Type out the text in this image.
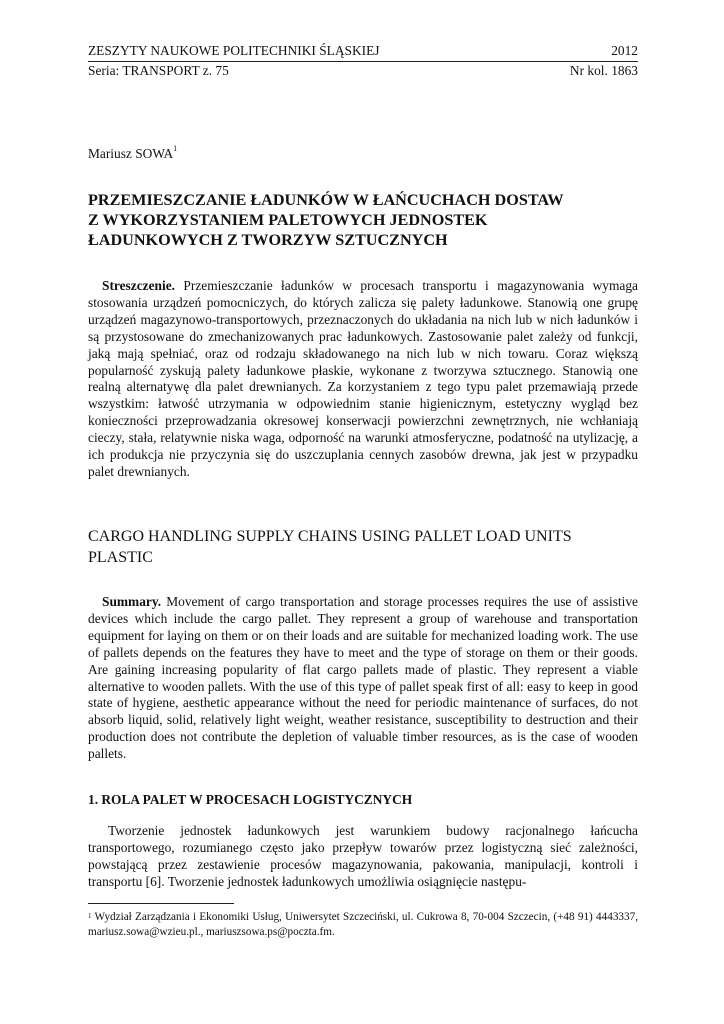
ZESZYTY NAUKOWE POLITECHNIKI ŚLĄSKIEJ	2012
Seria: TRANSPORT z. 75	Nr kol. 1863
Mariusz SOWA$^1$
PRZEMIESZCZANIE ŁADUNKÓW W ŁAŃCUCHACH DOSTAW
Z WYKORZYSTANIEM PALETOWYCH JEDNOSTEK
ŁADUNKOWYCH Z TWORZYW SZTUCZNYCH
Streszczenie. Przemieszczanie ładunków w procesach transportu i magazynowania wymaga stosowania urządzeń pomocniczych, do których zalicza się palety ładunkowe. Stanowią one grupę urządzeń magazynowo-transportowych, przeznaczonych do układania na nich lub w nich ładunków i są przystosowane do zmechanizowanych prac ładunkowych. Zastosowanie palet zależy od funkcji, jaką mają spełniać, oraz od rodzaju składowanego na nich lub w nich towaru. Coraz większą popularność zyskują palety ładunkowe płaskie, wykonane z tworzywa sztucznego. Stanowią one realną alternatywę dla palet drewnianych. Za korzystaniem z tego typu palet przemawiają przede wszystkim: łatwość utrzymania w odpowiednim stanie higienicznym, estetyczny wygląd bez konieczności przeprowadzania okresowej konserwacji powierzchni zewnętrznych, nie wchłaniają cieczy, stała, relatywnie niska waga, odporność na warunki atmosferyczne, podatność na utylizację, a ich produkcja nie przyczynia się do uszczuplania cennych zasobów drewna, jak jest w przypadku palet drewnianych.
CARGO HANDLING SUPPLY CHAINS USING PALLET LOAD UNITS
PLASTIC
Summary. Movement of cargo transportation and storage processes requires the use of assistive devices which include the cargo pallet. They represent a group of warehouse and transportation equipment for laying on them or on their loads and are suitable for mechanized loading work. The use of pallets depends on the features they have to meet and the type of storage on them or their goods. Are gaining increasing popularity of flat cargo pallets made of plastic. They represent a viable alternative to wooden pallets. With the use of this type of pallet speak first of all: easy to keep in good state of hygiene, aesthetic appearance without the need for periodic maintenance of surfaces, do not absorb liquid, solid, relatively light weight, weather resistance, susceptibility to destruction and their production does not contribute the depletion of valuable timber resources, as is the case of wooden pallets.
1. ROLA PALET W PROCESACH LOGISTYCZNYCH
Tworzenie jednostek ładunkowych jest warunkiem budowy racjonalnego łańcucha transportowego, rozumianego często jako przepływ towarów przez logistyczną sieć zależności, powstającą przez zestawienie procesów magazynowania, pakowania, manipulacji, kontroli i transportu [6]. Tworzenie jednostek ładunkowych umożliwia osiągnięcie następu-
$^1$ Wydział Zarządzania i Ekonomiki Usług, Uniwersytet Szczeciński, ul. Cukrowa 8, 70-004 Szczecin, (+48 91) 4443337, mariusz.sowa@wzieu.pl., mariuszsowa.ps@poczta.fm.
